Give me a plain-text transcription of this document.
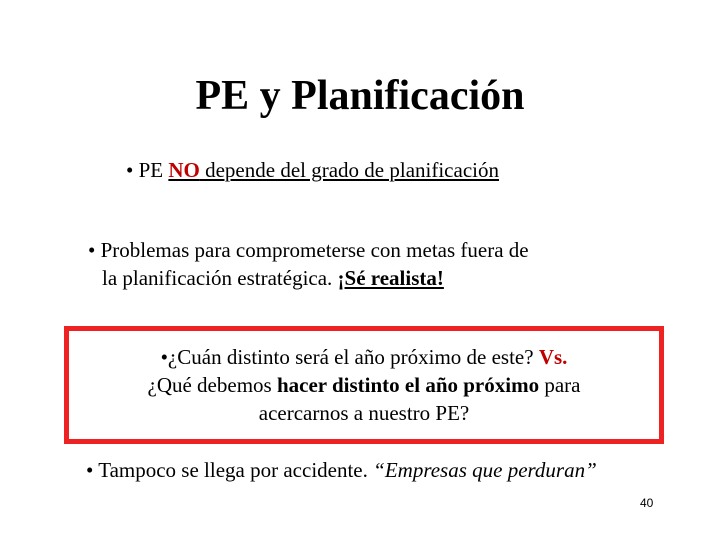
PE y Planificación
• PE NO depende del grado de planificación
• Problemas para comprometerse con metas fuera de
la planificación estratégica. ¡Sé realista!
•¿Cuán distinto será el año próximo de este? Vs.
¿Qué debemos hacer distinto el año próximo para
acercarnos a nuestro PE?
• Tampoco se llega por accidente. “Empresas que perduran”
40
